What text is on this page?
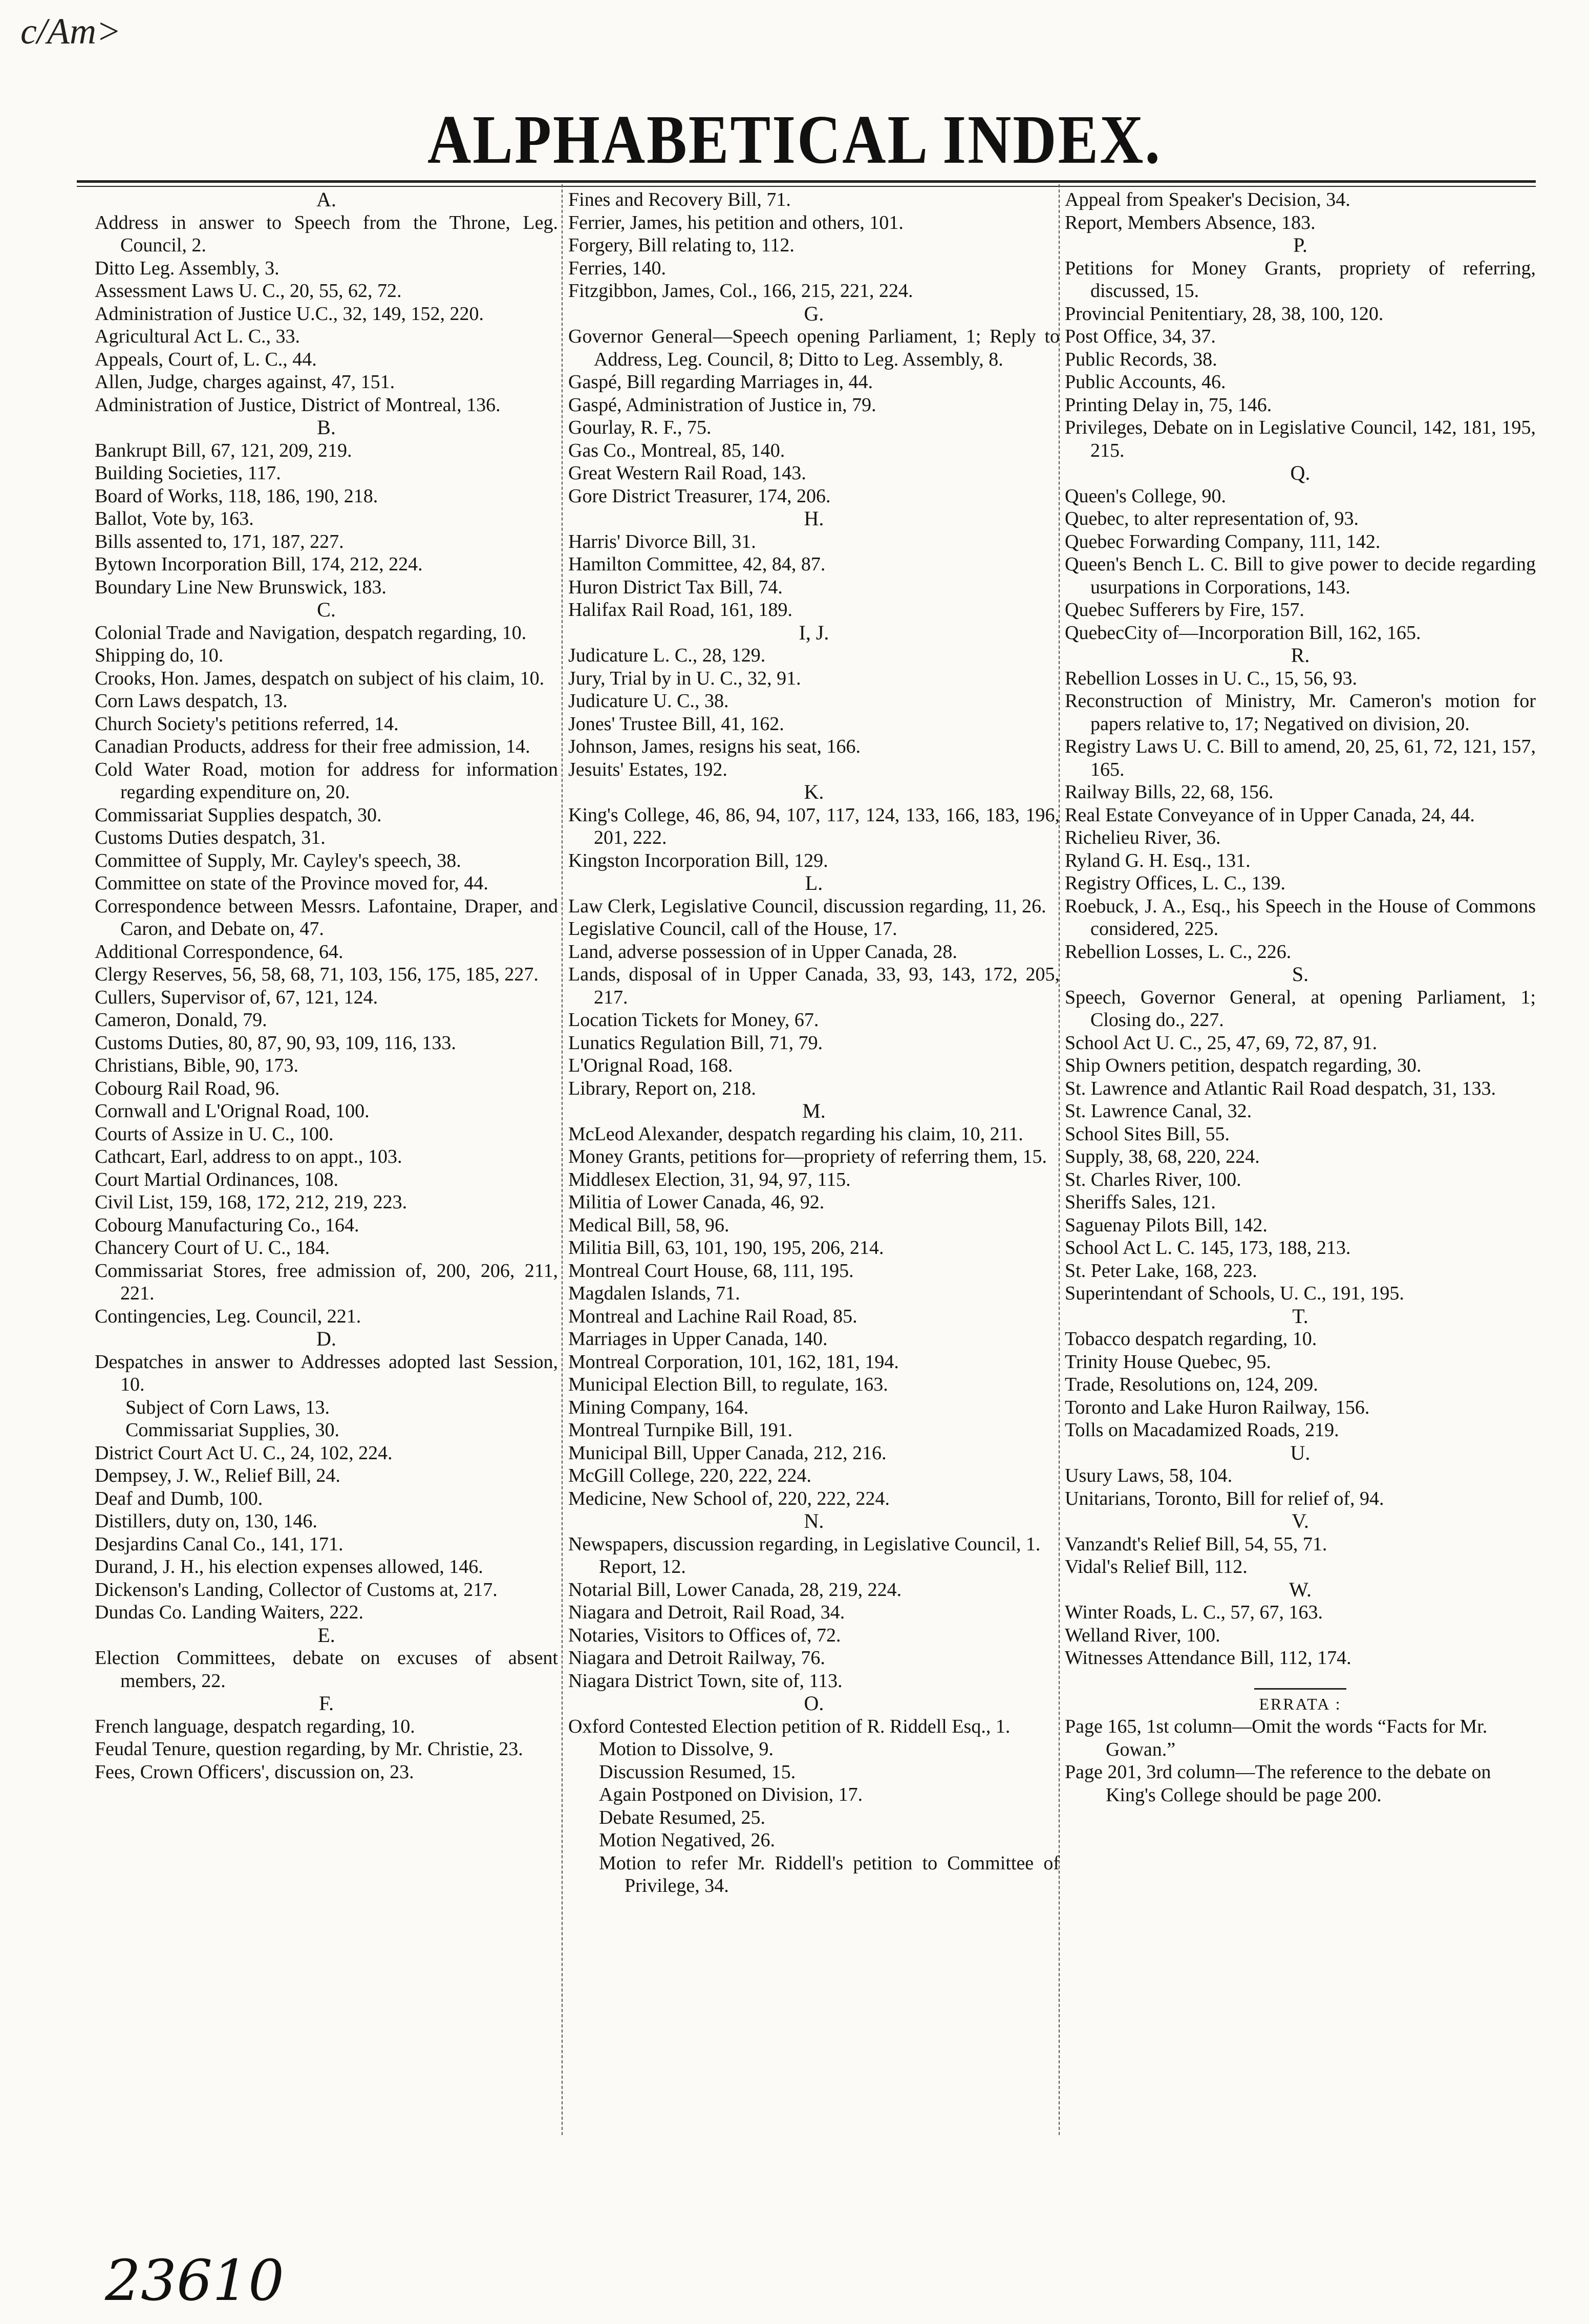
c/Am>
ALPHABETICAL INDEX.
A.
Address in answer to Speech from the Throne, Leg. Council, 2.
Ditto Leg. Assembly, 3.
Assessment Laws U. C., 20, 55, 62, 72.
Administration of Justice U.C., 32, 149, 152, 220.
Agricultural Act L. C., 33.
Appeals, Court of, L. C., 44.
Allen, Judge, charges against, 47, 151.
Administration of Justice, District of Montreal, 136.
B.
Bankrupt Bill, 67, 121, 209, 219.
Building Societies, 117.
Board of Works, 118, 186, 190, 218.
Ballot, Vote by, 163.
Bills assented to, 171, 187, 227.
Bytown Incorporation Bill, 174, 212, 224.
Boundary Line New Brunswick, 183.
C.
Colonial Trade and Navigation, despatch regarding, 10.
Shipping do, 10.
Crooks, Hon. James, despatch on subject of his claim, 10.
Corn Laws despatch, 13.
Church Society's petitions referred, 14.
Canadian Products, address for their free admission, 14.
Cold Water Road, motion for address for information regarding expenditure on, 20.
Commissariat Supplies despatch, 30.
Customs Duties despatch, 31.
Committee of Supply, Mr. Cayley's speech, 38.
Committee on state of the Province moved for, 44.
Correspondence between Messrs. Lafontaine, Draper, and Caron, and Debate on, 47.
Additional Correspondence, 64.
Clergy Reserves, 56, 58, 68, 71, 103, 156, 175, 185, 227.
Cullers, Supervisor of, 67, 121, 124.
Cameron, Donald, 79.
Customs Duties, 80, 87, 90, 93, 109, 116, 133.
Christians, Bible, 90, 173.
Cobourg Rail Road, 96.
Cornwall and L'Orignal Road, 100.
Courts of Assize in U. C., 100.
Cathcart, Earl, address to on appt., 103.
Court Martial Ordinances, 108.
Civil List, 159, 168, 172, 212, 219, 223.
Cobourg Manufacturing Co., 164.
Chancery Court of U. C., 184.
Commissariat Stores, free admission of, 200, 206, 211, 221.
Contingencies, Leg. Council, 221.
D.
Despatches in answer to Addresses adopted last Session, 10.
Subject of Corn Laws, 13.
Commissariat Supplies, 30.
District Court Act U. C., 24, 102, 224.
Dempsey, J. W., Relief Bill, 24.
Deaf and Dumb, 100.
Distillers, duty on, 130, 146.
Desjardins Canal Co., 141, 171.
Durand, J. H., his election expenses allowed, 146.
Dickenson's Landing, Collector of Customs at, 217.
Dundas Co. Landing Waiters, 222.
E.
Election Committees, debate on excuses of absent members, 22.
F.
French language, despatch regarding, 10.
Feudal Tenure, question regarding, by Mr. Christie, 23.
Fees, Crown Officers', discussion on, 23.
Fines and Recovery Bill, 71.
Ferrier, James, his petition and others, 101.
Forgery, Bill relating to, 112.
Ferries, 140.
Fitzgibbon, James, Col., 166, 215, 221, 224.
G.
Governor General—Speech opening Parliament, 1; Reply to Address, Leg. Council, 8; Ditto to Leg. Assembly, 8.
Gaspé, Bill regarding Marriages in, 44.
Gaspé, Administration of Justice in, 79.
Gourlay, R. F., 75.
Gas Co., Montreal, 85, 140.
Great Western Rail Road, 143.
Gore District Treasurer, 174, 206.
H.
Harris' Divorce Bill, 31.
Hamilton Committee, 42, 84, 87.
Huron District Tax Bill, 74.
Halifax Rail Road, 161, 189.
I, J.
Judicature L. C., 28, 129.
Jury, Trial by in U. C., 32, 91.
Judicature U. C., 38.
Jones' Trustee Bill, 41, 162.
Johnson, James, resigns his seat, 166.
Jesuits' Estates, 192.
K.
King's College, 46, 86, 94, 107, 117, 124, 133, 166, 183, 196, 201, 222.
Kingston Incorporation Bill, 129.
L.
Law Clerk, Legislative Council, discussion regarding, 11, 26.
Legislative Council, call of the House, 17.
Land, adverse possession of in Upper Canada, 28.
Lands, disposal of in Upper Canada, 33, 93, 143, 172, 205, 217.
Location Tickets for Money, 67.
Lunatics Regulation Bill, 71, 79.
L'Orignal Road, 168.
Library, Report on, 218.
M.
McLeod Alexander, despatch regarding his claim, 10, 211.
Money Grants, petitions for—propriety of referring them, 15.
Middlesex Election, 31, 94, 97, 115.
Militia of Lower Canada, 46, 92.
Medical Bill, 58, 96.
Militia Bill, 63, 101, 190, 195, 206, 214.
Montreal Court House, 68, 111, 195.
Magdalen Islands, 71.
Montreal and Lachine Rail Road, 85.
Marriages in Upper Canada, 140.
Montreal Corporation, 101, 162, 181, 194.
Municipal Election Bill, to regulate, 163.
Mining Company, 164.
Montreal Turnpike Bill, 191.
Municipal Bill, Upper Canada, 212, 216.
McGill College, 220, 222, 224.
Medicine, New School of, 220, 222, 224.
N.
Newspapers, discussion regarding, in Legislative Council, 1.
Report, 12.
Notarial Bill, Lower Canada, 28, 219, 224.
Niagara and Detroit, Rail Road, 34.
Notaries, Visitors to Offices of, 72.
Niagara and Detroit Railway, 76.
Niagara District Town, site of, 113.
O.
Oxford Contested Election petition of R. Riddell Esq., 1.
Motion to Dissolve, 9.
Discussion Resumed, 15.
Again Postponed on Division, 17.
Debate Resumed, 25.
Motion Negatived, 26.
Motion to refer Mr. Riddell's petition to Committee of Privilege, 34.
Appeal from Speaker's Decision, 34.
Report, Members Absence, 183.
P.
Petitions for Money Grants, propriety of referring, discussed, 15.
Provincial Penitentiary, 28, 38, 100, 120.
Post Office, 34, 37.
Public Records, 38.
Public Accounts, 46.
Printing Delay in, 75, 146.
Privileges, Debate on in Legislative Council, 142, 181, 195, 215.
Q.
Queen's College, 90.
Quebec, to alter representation of, 93.
Quebec Forwarding Company, 111, 142.
Queen's Bench L. C. Bill to give power to decide regarding usurpations in Corporations, 143.
Quebec Sufferers by Fire, 157.
QuebecCity of—Incorporation Bill, 162, 165.
R.
Rebellion Losses in U. C., 15, 56, 93.
Reconstruction of Ministry, Mr. Cameron's motion for papers relative to, 17; Negatived on division, 20.
Registry Laws U. C. Bill to amend, 20, 25, 61, 72, 121, 157, 165.
Railway Bills, 22, 68, 156.
Real Estate Conveyance of in Upper Canada, 24, 44.
Richelieu River, 36.
Ryland G. H. Esq., 131.
Registry Offices, L. C., 139.
Roebuck, J. A., Esq., his Speech in the House of Commons considered, 225.
Rebellion Losses, L. C., 226.
S.
Speech, Governor General, at opening Parliament, 1; Closing do., 227.
School Act U. C., 25, 47, 69, 72, 87, 91.
Ship Owners petition, despatch regarding, 30.
St. Lawrence and Atlantic Rail Road despatch, 31, 133.
St. Lawrence Canal, 32.
School Sites Bill, 55.
Supply, 38, 68, 220, 224.
St. Charles River, 100.
Sheriffs Sales, 121.
Saguenay Pilots Bill, 142.
School Act L. C. 145, 173, 188, 213.
St. Peter Lake, 168, 223.
Superintendant of Schools, U. C., 191, 195.
T.
Tobacco despatch regarding, 10.
Trinity House Quebec, 95.
Trade, Resolutions on, 124, 209.
Toronto and Lake Huron Railway, 156.
Tolls on Macadamized Roads, 219.
U.
Usury Laws, 58, 104.
Unitarians, Toronto, Bill for relief of, 94.
V.
Vanzandt's Relief Bill, 54, 55, 71.
Vidal's Relief Bill, 112.
W.
Winter Roads, L. C., 57, 67, 163.
Welland River, 100.
Witnesses Attendance Bill, 112, 174.
ERRATA :
Page 165, 1st column—Omit the words “Facts for Mr. Gowan.”
Page 201, 3rd column—The reference to the debate on King's College should be page 200.
23610
